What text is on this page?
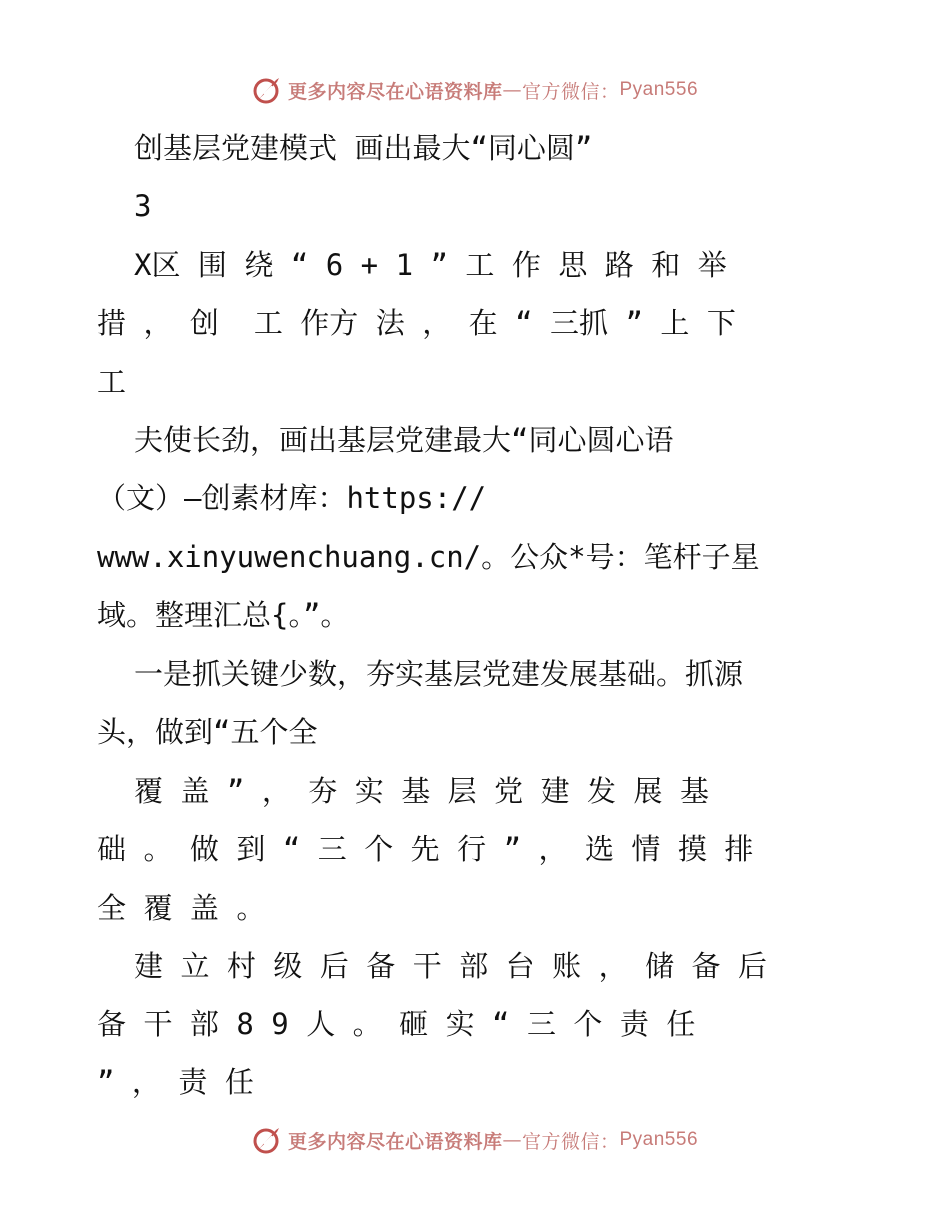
更多内容尽在心语资料库 — 官方微信： Pyan556
创基层党建模式 画出最大“同心圆”
3
X区 围 绕 “ 6 + 1 ” 工 作 思 路 和 举
措 ， 创  工 作方 法 ， 在 “ 三抓 ” 上 下
工
夫使长劲，画出基层党建最大“同心圆心语
（文）—创素材库：https://
www.xinyuwenchuang.cn/。公众*号：笔杆子星
域。整理汇总{。”。
一是抓关键少数，夯实基层党建发展基础。抓源
头，做到“五个全
覆 盖 ” ， 夯 实 基 层 党 建 发 展 基
础 。 做 到 “ 三 个 先 行 ” ， 选 情 摸 排
全 覆 盖 。
建 立 村 级 后 备 干 部 台 账 ， 储 备 后
备 干 部 8 9 人 。 砸 实 “ 三 个 责 任
” ， 责 任
更多内容尽在心语资料库 — 官方微信： Pyan556
